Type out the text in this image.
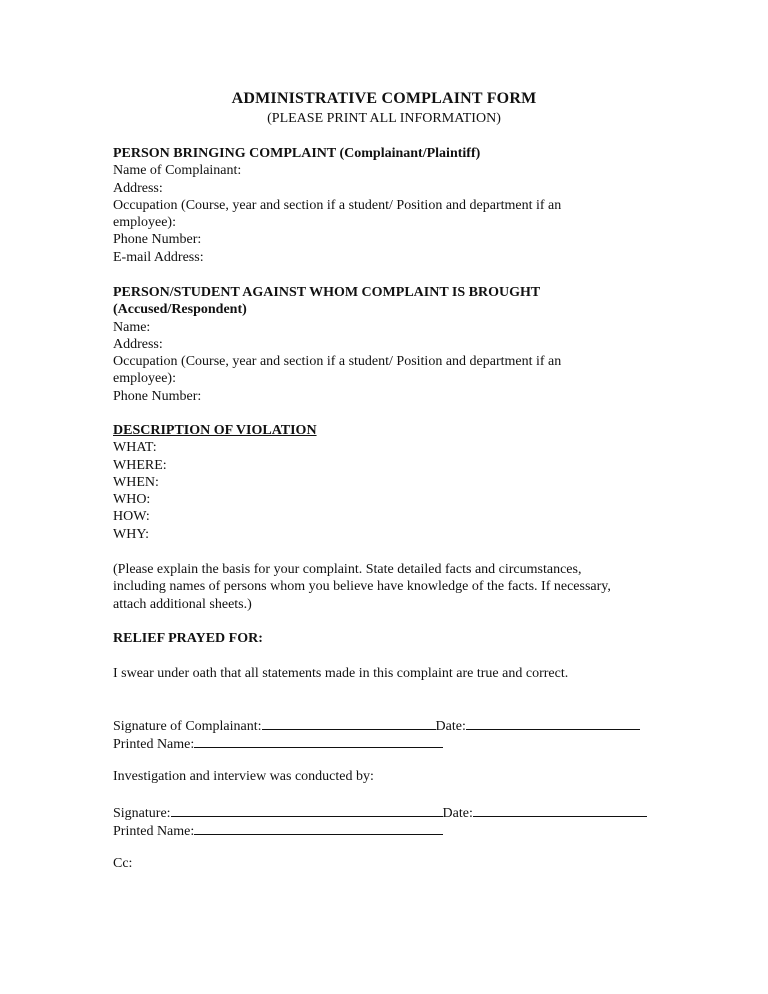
ADMINISTRATIVE COMPLAINT FORM
(PLEASE PRINT ALL INFORMATION)
PERSON BRINGING COMPLAINT (Complainant/Plaintiff)
Name of Complainant:
Address:
Occupation (Course, year and section if a student/ Position and department if an
employee):
Phone Number:
E-mail Address:
PERSON/STUDENT AGAINST WHOM COMPLAINT IS BROUGHT
(Accused/Respondent)
Name:
Address:
Occupation (Course, year and section if a student/ Position and department if an
employee):
Phone Number:
DESCRIPTION OF VIOLATION
WHAT:
WHERE:
WHEN:
WHO:
HOW:
WHY:
(Please explain the basis for your complaint. State detailed facts and circumstances,
including names of persons whom you believe have knowledge of the facts. If necessary,
attach additional sheets.)
RELIEF PRAYED FOR:
I swear under oath that all statements made in this complaint are true and correct.
Signature of Complainant:	Date:
Printed Name:
Investigation and interview was conducted by:
Signature:	Date:
Printed Name:
Cc:
